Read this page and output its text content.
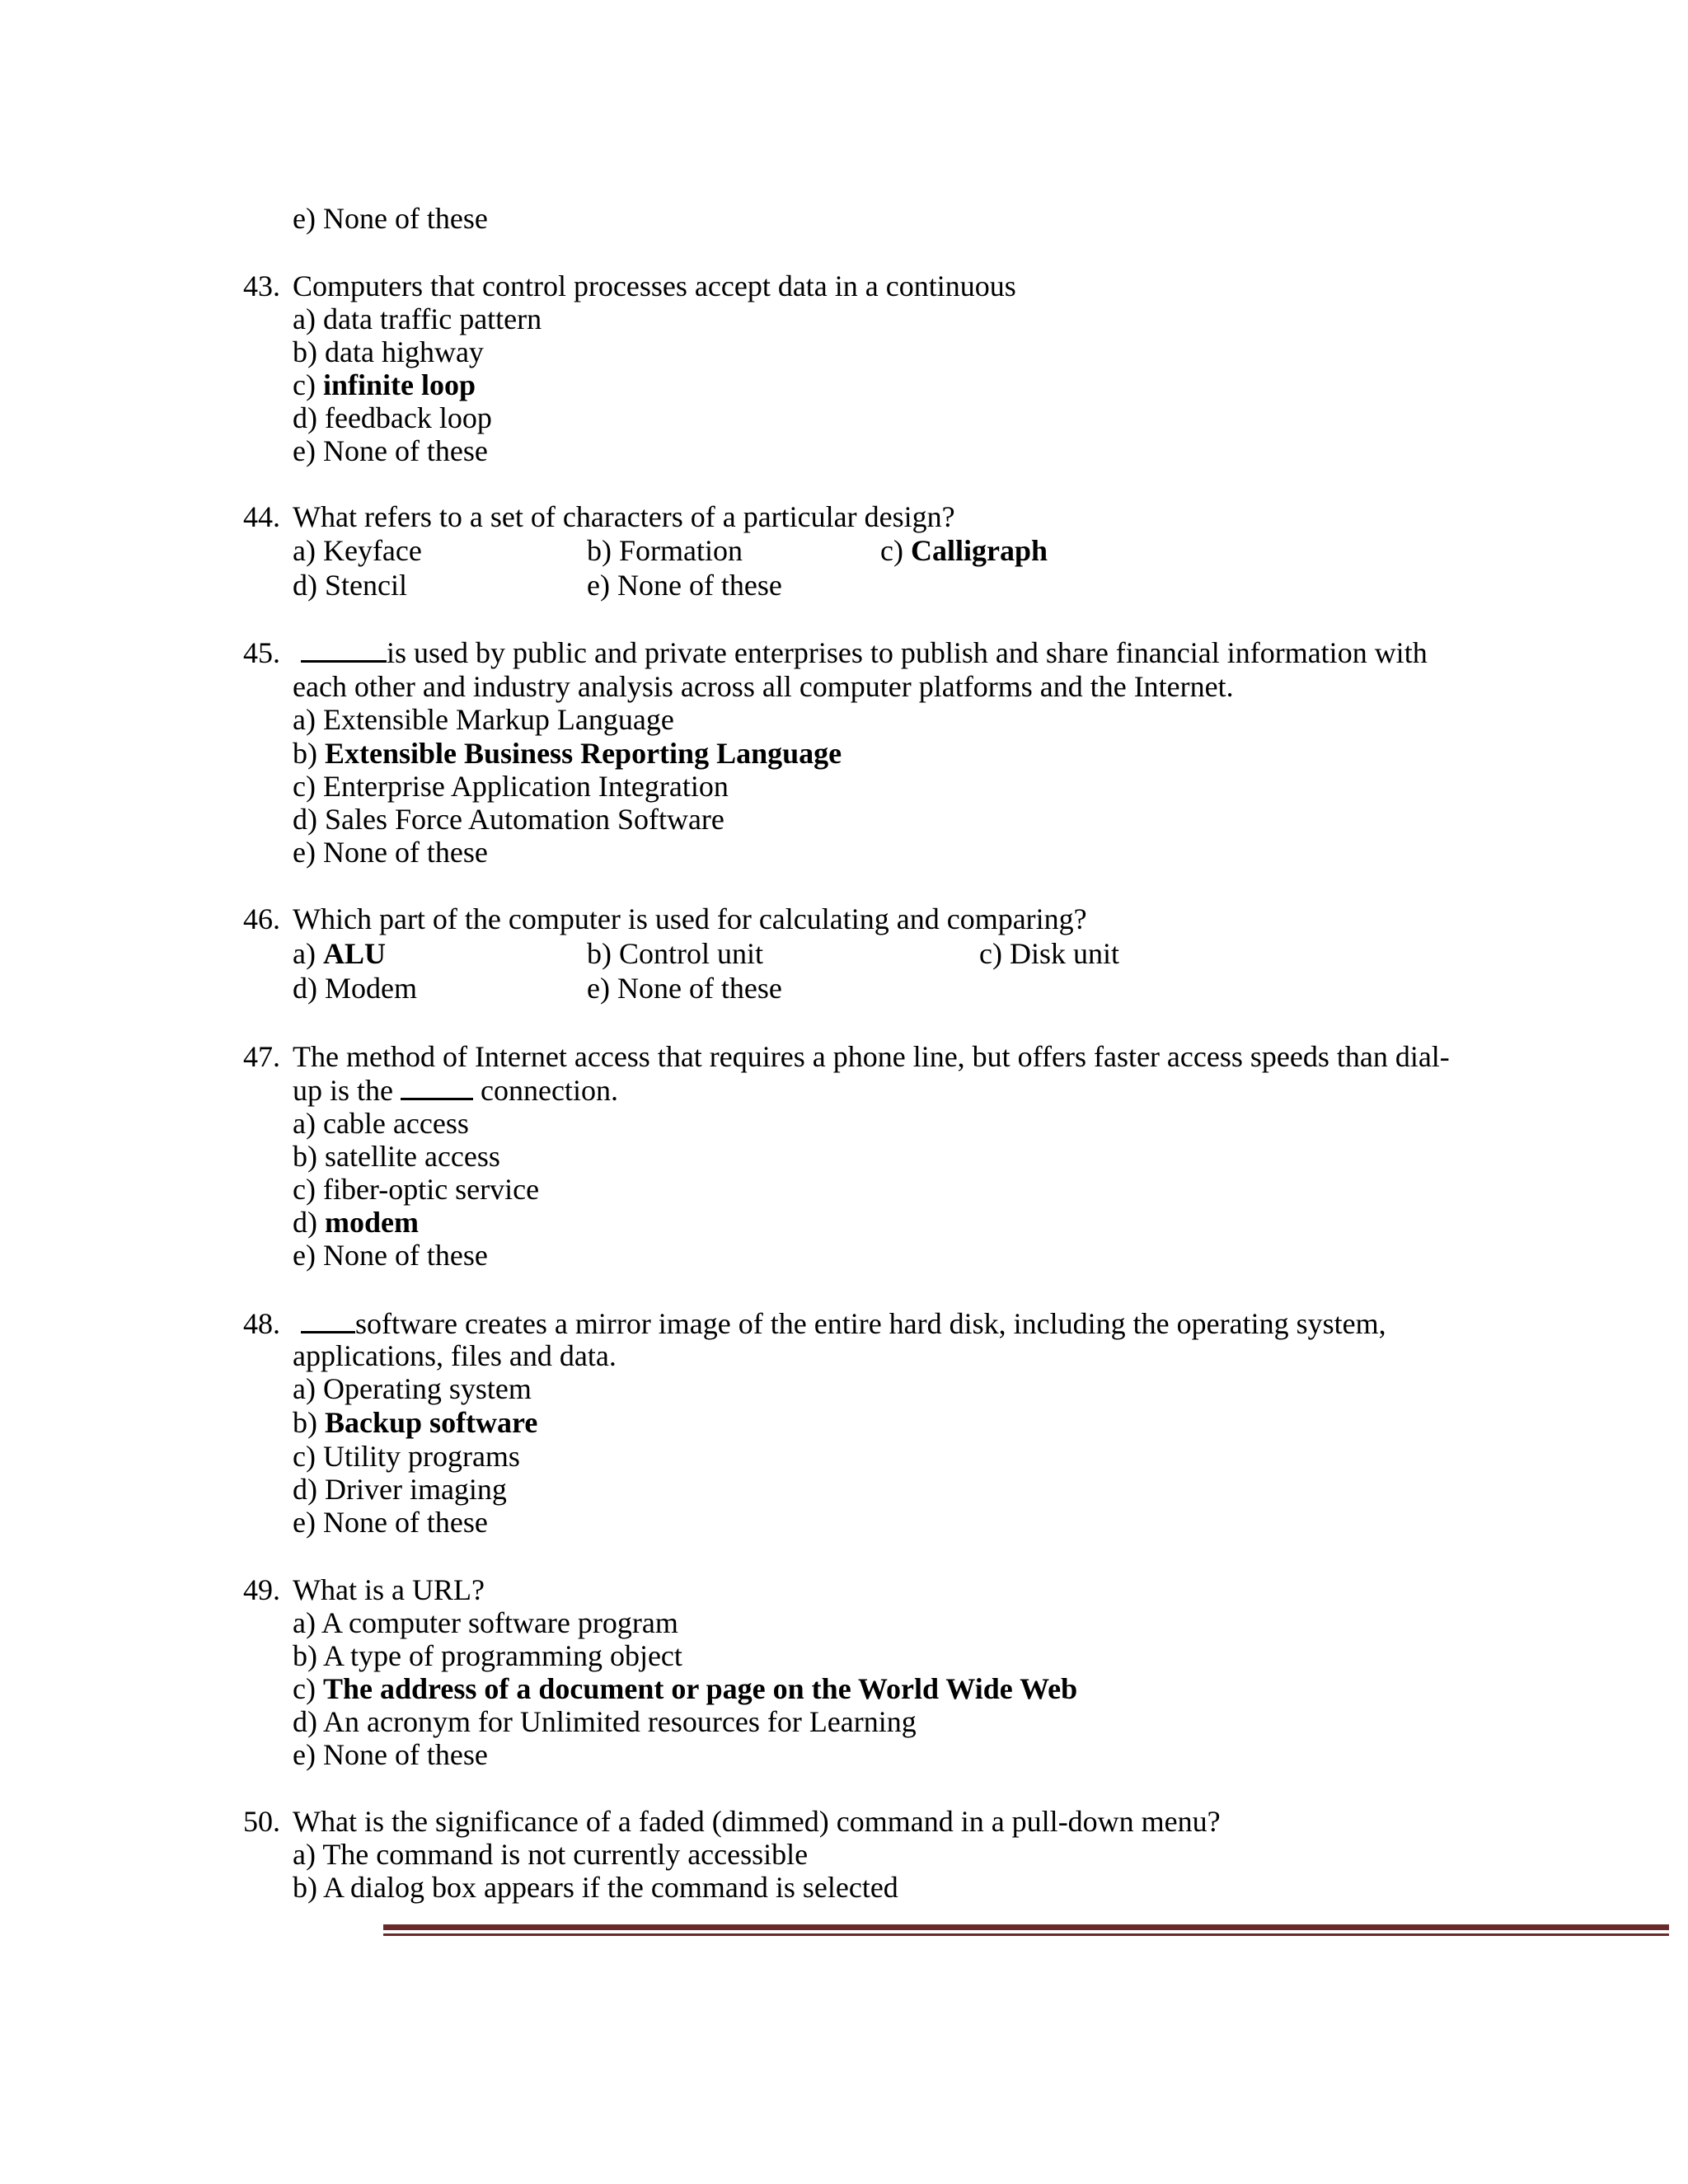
e) None of these
43. Computers that control processes accept data in a continuous
a) data traffic pattern
b) data highway
c) infinite loop
d) feedback loop
e) None of these
44. What refers to a set of characters of a particular design?
a) Keyface	b) Formation	c) Calligraph
d) Stencil	e) None of these
45.	is used by public and private enterprises to publish and share financial information with
each other and industry analysis across all computer platforms and the Internet.
a) Extensible Markup Language
b) Extensible Business Reporting Language
c) Enterprise Application Integration
d) Sales Force Automation Software
e) None of these
46. Which part of the computer is used for calculating and comparing?
a) ALU	b) Control unit	c) Disk unit
d) Modem	e) None of these
47. The method of Internet access that requires a phone line, but offers faster access speeds than dial-
up is the  connection.
a) cable access
b) satellite access
c) fiber-optic service
d) modem
e) None of these
48.	software creates a mirror image of the entire hard disk, including the operating system,
applications, files and data.
a) Operating system
b) Backup software
c) Utility programs
d) Driver imaging
e) None of these
49. What is a URL?
a) A computer software program
b) A type of programming object
c) The address of a document or page on the World Wide Web
d) An acronym for Unlimited resources for Learning
e) None of these
50. What is the significance of a faded (dimmed) command in a pull-down menu?
a) The command is not currently accessible
b) A dialog box appears if the command is selected
